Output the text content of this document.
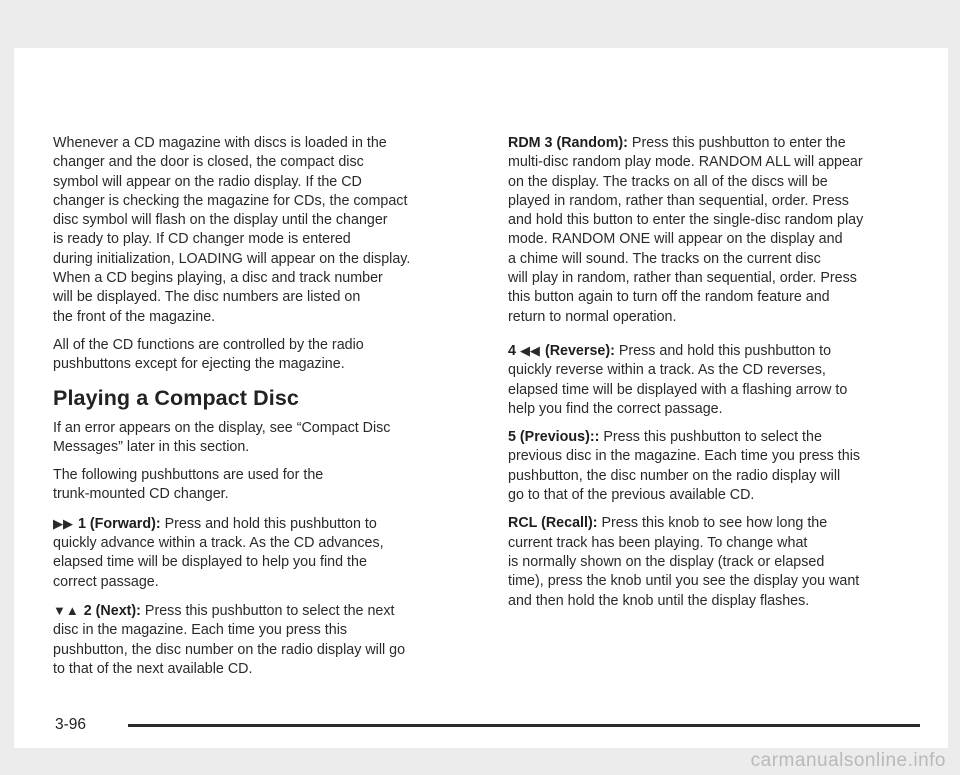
Whenever a CD magazine with discs is loaded in the
changer and the door is closed, the compact disc
symbol will appear on the radio display. If the CD
changer is checking the magazine for CDs, the compact
disc symbol will flash on the display until the changer
is ready to play. If CD changer mode is entered
during initialization, LOADING will appear on the display.
When a CD begins playing, a disc and track number
will be displayed. The disc numbers are listed on
the front of the magazine.

All of the CD functions are controlled by the radio
pushbuttons except for ejecting the magazine.

Playing a Compact Disc

If an error appears on the display, see “Compact Disc
Messages” later in this section.

The following pushbuttons are used for the
trunk-mounted CD changer.

▶▶ 1 (Forward): Press and hold this pushbutton to
quickly advance within a track. As the CD advances,
elapsed time will be displayed to help you find the
correct passage.

▼▲ 2 (Next): Press this pushbutton to select the next
disc in the magazine. Each time you press this
pushbutton, the disc number on the radio display will go
to that of the next available CD.

RDM 3 (Random): Press this pushbutton to enter the
multi-disc random play mode. RANDOM ALL will appear
on the display. The tracks on all of the discs will be
played in random, rather than sequential, order. Press
and hold this button to enter the single-disc random play
mode. RANDOM ONE will appear on the display and
a chime will sound. The tracks on the current disc
will play in random, rather than sequential, order. Press
this button again to turn off the random feature and
return to normal operation.

4 ◀◀ (Reverse): Press and hold this pushbutton to
quickly reverse within a track. As the CD reverses,
elapsed time will be displayed with a flashing arrow to
help you find the correct passage.

5 (Previous):: Press this pushbutton to select the
previous disc in the magazine. Each time you press this
pushbutton, the disc number on the radio display will
go to that of the previous available CD.

RCL (Recall): Press this knob to see how long the
current track has been playing. To change what
is normally shown on the display (track or elapsed
time), press the knob until you see the display you want
and then hold the knob until the display flashes.

3-96
carmanualsonline.info
